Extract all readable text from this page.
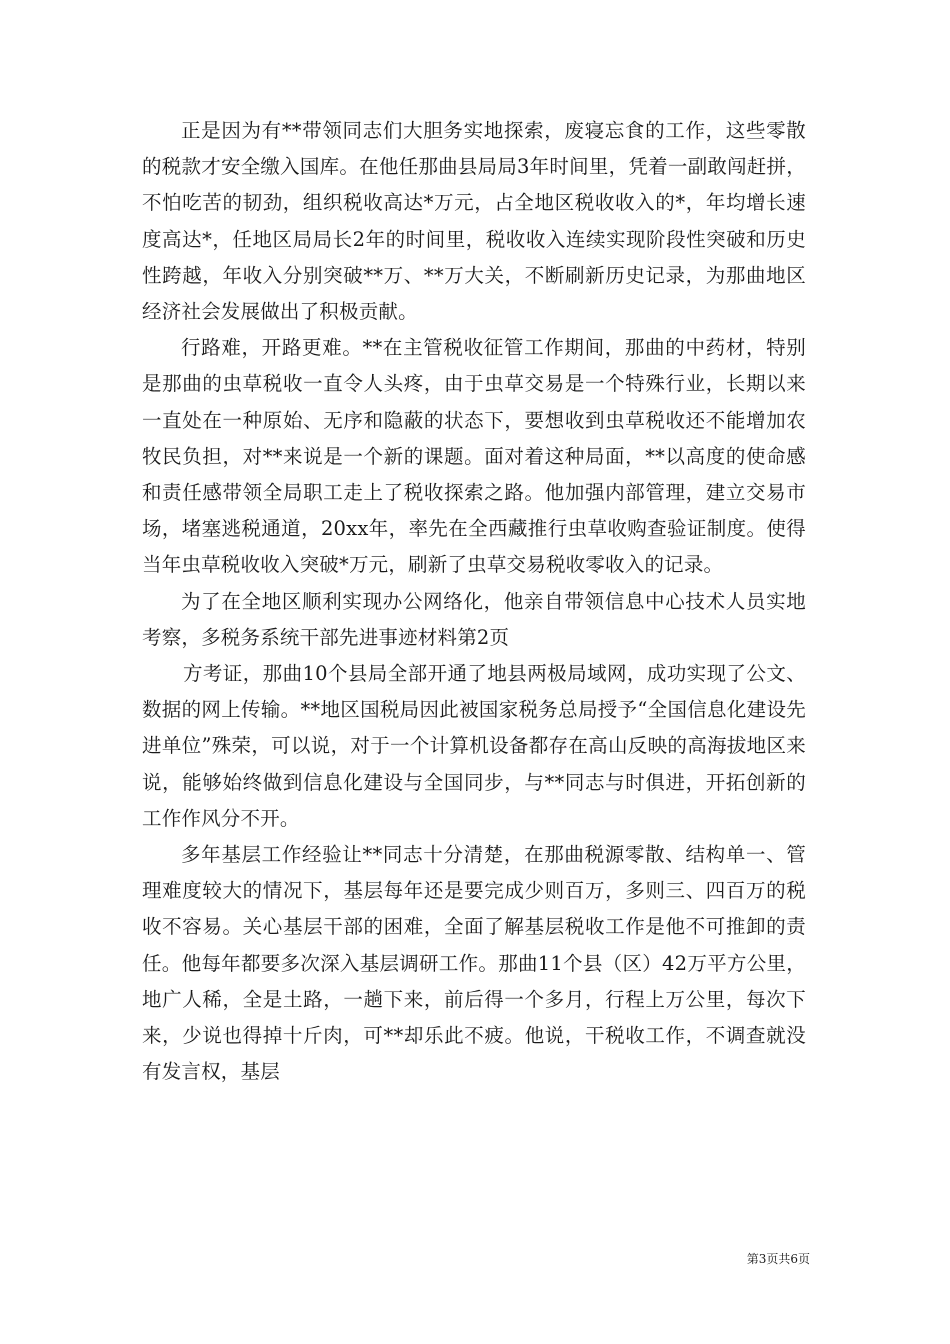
正是因为有**带领同志们大胆务实地探索，废寝忘食的工作，这些零散的税款才安全缴入国库。在他任那曲县局局3年时间里，凭着一副敢闯赶拼，不怕吃苦的韧劲，组织税收高达*万元，占全地区税收收入的*，年均增长速度高达*，任地区局局长2年的时间里，税收收入连续实现阶段性突破和历史性跨越，年收入分别突破**万、**万大关，不断刷新历史记录，为那曲地区经济社会发展做出了积极贡献。

行路难，开路更难。**在主管税收征管工作期间，那曲的中药材，特别是那曲的虫草税收一直令人头疼，由于虫草交易是一个特殊行业，长期以来一直处在一种原始、无序和隐蔽的状态下，要想收到虫草税收还不能增加农牧民负担，对**来说是一个新的课题。面对着这种局面，**以高度的使命感和责任感带领全局职工走上了税收探索之路。他加强内部管理，建立交易市场，堵塞逃税通道，20xx年，率先在全西藏推行虫草收购查验证制度。使得当年虫草税收收入突破*万元，刷新了虫草交易税收零收入的记录。

为了在全地区顺利实现办公网络化，他亲自带领信息中心技术人员实地考察，多税务系统干部先进事迹材料第2页

方考证，那曲10个县局全部开通了地县两极局域网，成功实现了公文、数据的网上传输。**地区国税局因此被国家税务总局授予“全国信息化建设先进单位”殊荣，可以说，对于一个计算机设备都存在高山反映的高海拔地区来说，能够始终做到信息化建设与全国同步，与**同志与时俱进，开拓创新的工作作风分不开。

多年基层工作经验让**同志十分清楚，在那曲税源零散、结构单一、管理难度较大的情况下，基层每年还是要完成少则百万，多则三、四百万的税收不容易。关心基层干部的困难，全面了解基层税收工作是他不可推卸的责任。他每年都要多次深入基层调研工作。那曲11个县（区）42万平方公里，地广人稀，全是土路，一趟下来，前后得一个多月，行程上万公里，每次下来，少说也得掉十斤肉，可**却乐此不疲。他说，干税收工作，不调查就没有发言权，基层

第3页共6页
